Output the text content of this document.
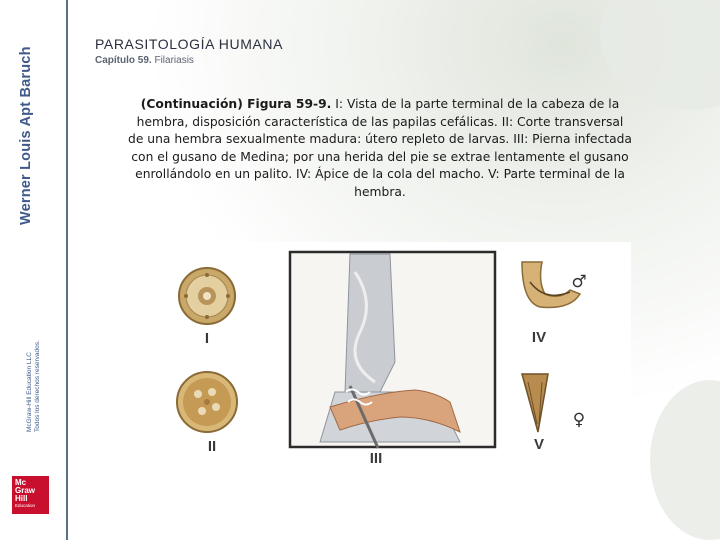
Werner Louis Apt Baruch
McGraw-Hill Education LLC Todos los derechos reservados.
Mc
Graw
Hill
Education
PARASITOLOGÍA HUMANA
Capítulo 59. Filariasis
(Continuación) Figura 59-9. I: Vista de la parte terminal de la cabeza de la hembra, disposición característica de las papilas cefálicas. II: Corte transversal de una hembra sexualmente madura: útero repleto de larvas. III: Pierna infectada con el gusano de Medina; por una herida del pie se extrae lentamente el gusano enrollándolo en un palito. IV: Ápice de la cola del macho. V: Parte terminal de la hembra.
I
II
III
IV
V
♂
♀
